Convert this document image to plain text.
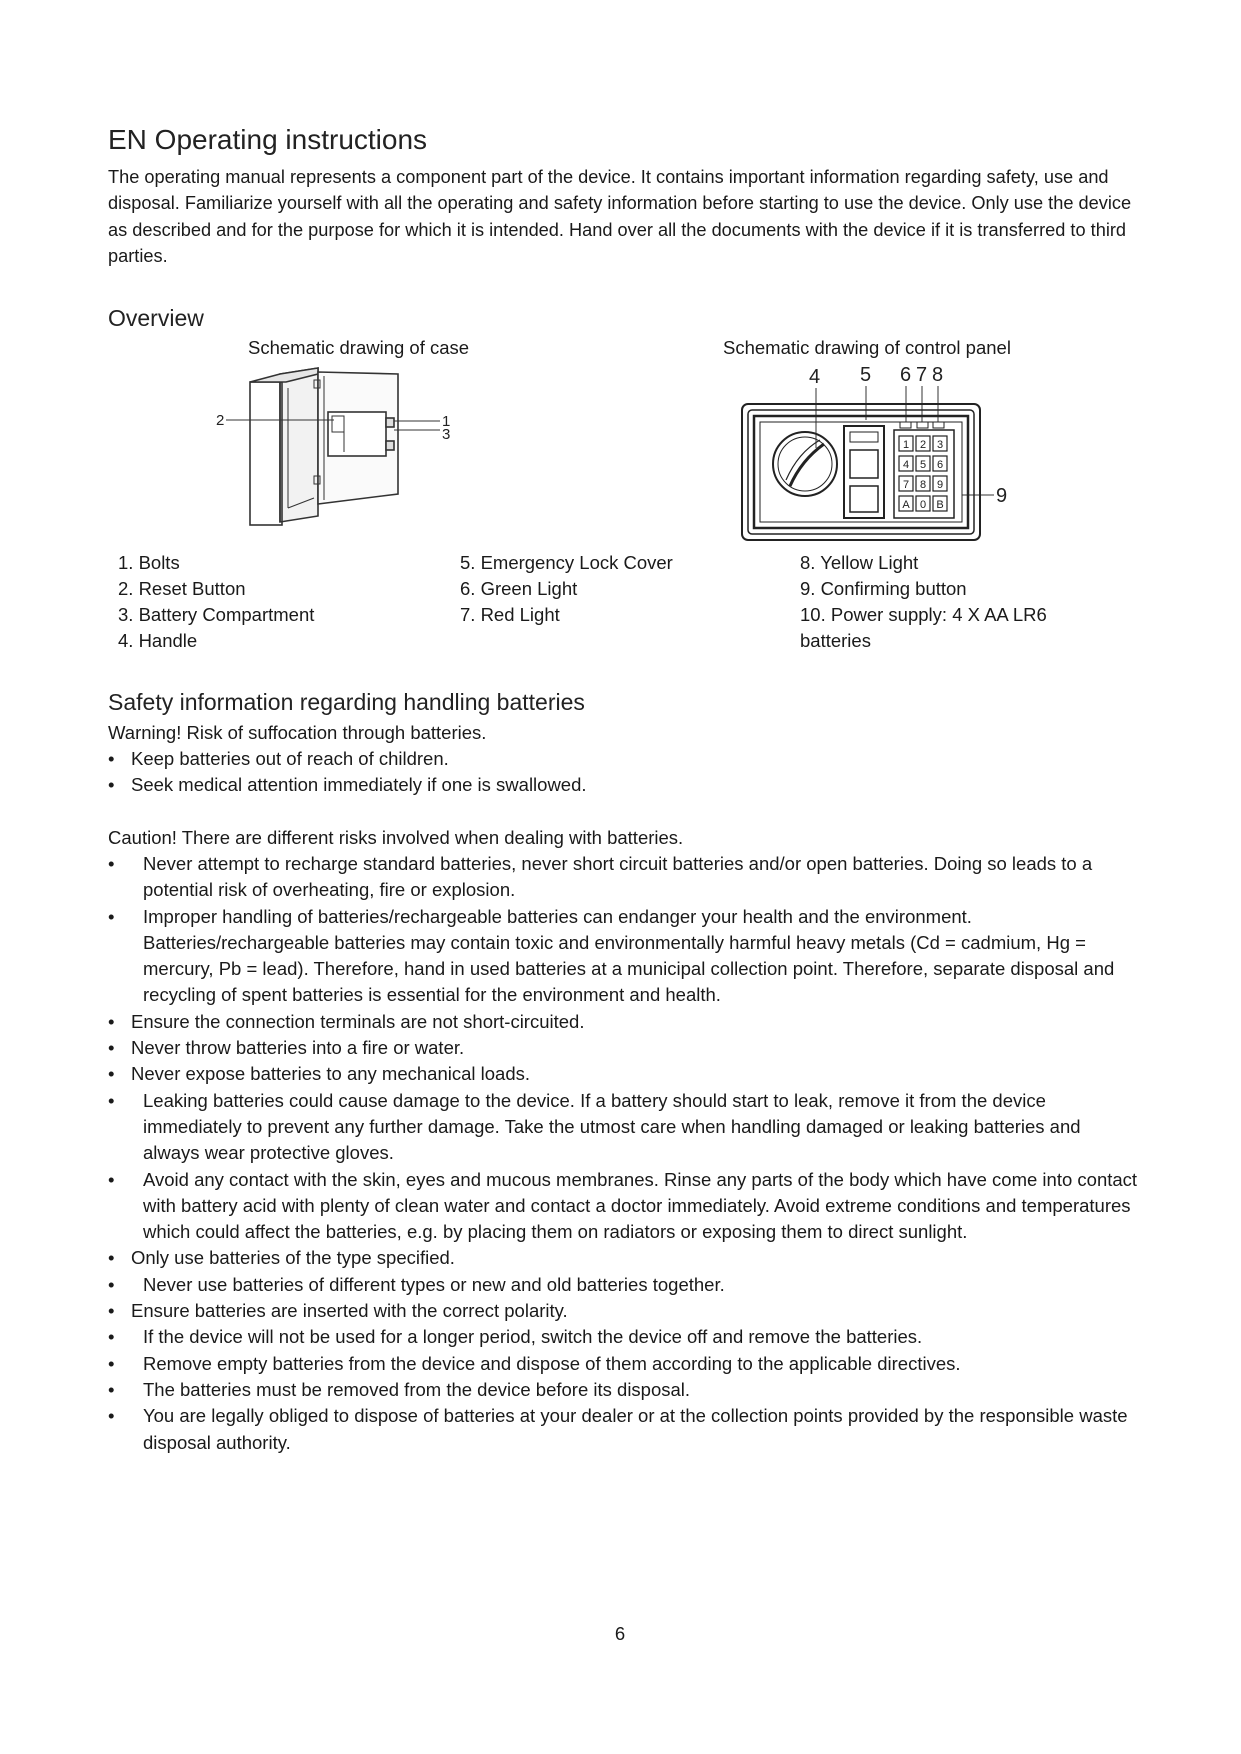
EN Operating instructions

The operating manual represents a component part of the device. It contains important information regarding safety, use and disposal. Familiarize yourself with all the operating and safety information before starting to use the device. Only use the device as described and for the purpose for which it is intended. Hand over all the documents with the device if it is transferred to third parties.

Overview
Schematic drawing of case	Schematic drawing of control panel
2	1
3
4 5 6 7 8
9
1 2 3
4 5 6
7 8 9
A 0 B
1. Bolts
2. Reset Button
3. Battery Compartment
4. Handle
5. Emergency Lock Cover
6. Green Light
7. Red Light
8. Yellow Light
9. Confirming button
10. Power supply: 4 X AA LR6
batteries
Safety information regarding handling batteries

Warning! Risk of suffocation through batteries.

• Keep batteries out of reach of children.
• Seek medical attention immediately if one is swallowed.

Caution! There are different risks involved when dealing with batteries.

• Never attempt to recharge standard batteries, never short circuit batteries and/or open batteries. Doing so leads to a potential risk of overheating, fire or explosion.
• Improper handling of batteries/rechargeable batteries can endanger your health and the environment. Batteries/rechargeable batteries may contain toxic and environmentally harmful heavy metals (Cd = cadmium, Hg = mercury, Pb = lead). Therefore, hand in used batteries at a municipal collection point. Therefore, separate disposal and recycling of spent batteries is essential for the environment and health.
• Ensure the connection terminals are not short-circuited.
• Never throw batteries into a fire or water.
• Never expose batteries to any mechanical loads.
• Leaking batteries could cause damage to the device. If a battery should start to leak, remove it from the device immediately to prevent any further damage. Take the utmost care when handling damaged or leaking batteries and always wear protective gloves.
• Avoid any contact with the skin, eyes and mucous membranes. Rinse any parts of the body which have come into contact with battery acid with plenty of clean water and contact a doctor immediately. Avoid extreme conditions and temperatures which could affect the batteries, e.g. by placing them on radiators or exposing them to direct sunlight.
• Only use batteries of the type specified.
• Never use batteries of different types or new and old batteries together.
• Ensure batteries are inserted with the correct polarity.
• If the device will not be used for a longer period, switch the device off and remove the batteries.
• Remove empty batteries from the device and dispose of them according to the applicable directives.
• The batteries must be removed from the device before its disposal.
• You are legally obliged to dispose of batteries at your dealer or at the collection points provided by the responsible waste disposal authority.
6
